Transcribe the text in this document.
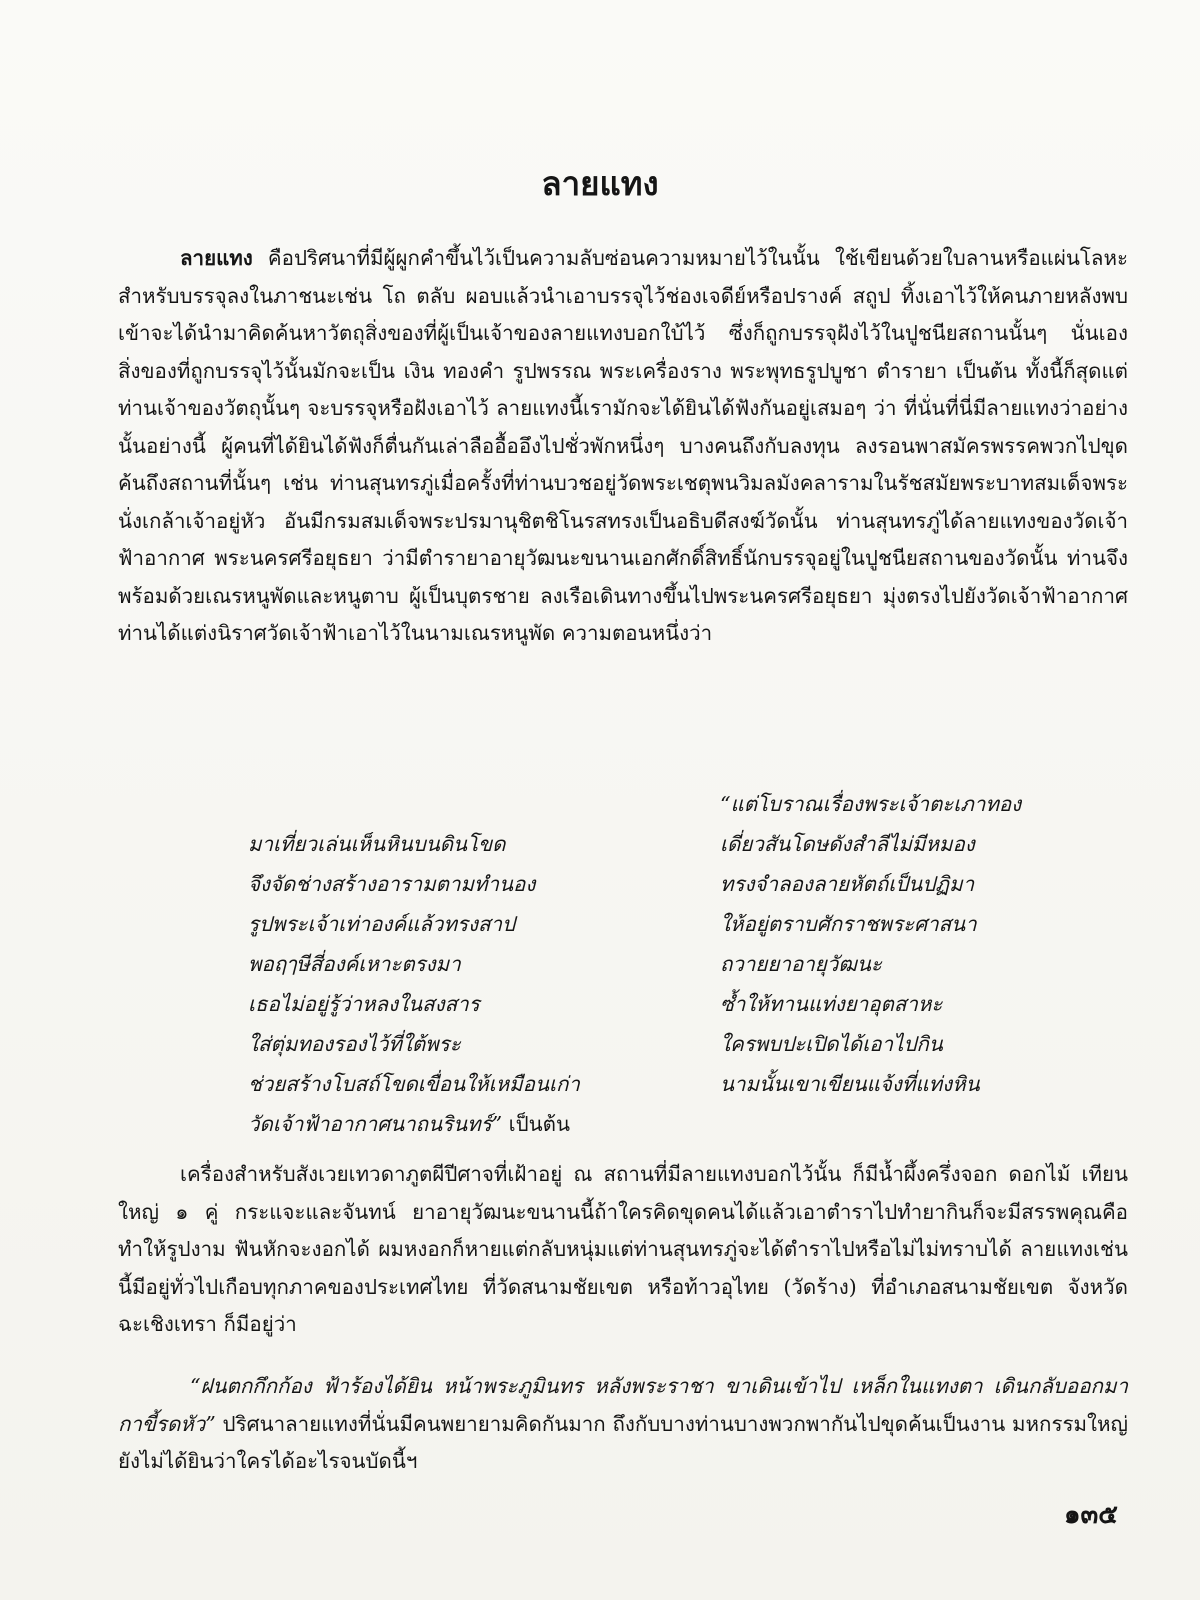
ลายแทง

ลายแทง คือปริศนาที่มีผู้ผูกคำขึ้นไว้เป็นความลับซ่อนความหมายไว้ในนั้น ใช้เขียนด้วยใบลานหรือแผ่นโลหะ สำหรับบรรจุลงในภาชนะเช่น โถ ตลับ ผอบแล้วนำเอาบรรจุไว้ช่องเจดีย์หรือปรางค์ สถูป ทิ้งเอาไว้ให้คนภายหลังพบเข้าจะได้นำมาคิดค้นหาวัตถุสิ่งของที่ผู้เป็นเจ้าของลายแทงบอกใบ้ไว้ ซึ่งก็ถูกบรรจุฝังไว้ในปูชนียสถานนั้นๆ นั่นเอง สิ่งของที่ถูกบรรจุไว้นั้นมักจะเป็น เงิน ทองคำ รูปพรรณ พระเครื่องราง พระพุทธรูปบูชา ตำรายา เป็นต้น ทั้งนี้ก็สุดแต่ท่านเจ้าของวัตถุนั้นๆ จะบรรจุหรือฝังเอาไว้ ลายแทงนี้เรามักจะได้ยินได้ฟังกันอยู่เสมอๆ ว่า ที่นั่นที่นี่มีลายแทงว่าอย่างนั้นอย่างนี้ ผู้คนที่ได้ยินได้ฟังก็ตื่นกันเล่าลืออื้ออึงไปชั่วพักหนึ่งๆ บางคนถึงกับลงทุน ลงรอนพาสมัครพรรคพวกไปขุดค้นถึงสถานที่นั้นๆ เช่น ท่านสุนทรภู่เมื่อครั้งที่ท่านบวชอยู่วัดพระเชตุพนวิมลมังคลารามในรัชสมัยพระบาทสมเด็จพระนั่งเกล้าเจ้าอยู่หัว อันมีกรมสมเด็จพระปรมานุชิตชิโนรสทรงเป็นอธิบดีสงฆ์วัดนั้น ท่านสุนทรภู่ได้ลายแทงของวัดเจ้าฟ้าอากาศ พระนครศรีอยุธยา ว่ามีตำรายาอายุวัฒนะขนานเอกศักดิ์สิทธิ์นักบรรจุอยู่ในปูชนียสถานของวัดนั้น ท่านจึงพร้อมด้วยเณรหนูพัดและหนูตาบ ผู้เป็นบุตรชาย ลงเรือเดินทางขึ้นไปพระนครศรีอยุธยา มุ่งตรงไปยังวัดเจ้าฟ้าอากาศ ท่านได้แต่งนิราศวัดเจ้าฟ้าเอาไว้ในนามเณรหนูพัด ความตอนหนึ่งว่า

“แต่โบราณเรื่องพระเจ้าตะเภาทอง

มาเที่ยวเล่นเห็นหินบนดินโขด	เดี่ยวสันโดษดังสำลีไม่มีหมอง

จึงจัดช่างสร้างอารามตามทำนอง	ทรงจำลองลายหัตถ์เป็นปฏิมา

รูปพระเจ้าเท่าองค์แล้วทรงสาป	ให้อยู่ตราบศักราชพระศาสนา

พอฤๅษีสี่องค์เหาะตรงมา	ถวายยาอายุวัฒนะ

เธอไม่อยู่รู้ว่าหลงในสงสาร	ซ้ำให้ทานแท่งยาอุตสาหะ

ใส่ตุ่มทองรองไว้ที่ใต้พระ	ใครพบปะเปิดได้เอาไปกิน

ช่วยสร้างโบสถ์โขดเขื่อนให้เหมือนเก่า	นามนั้นเขาเขียนแจ้งที่แท่งหิน

วัดเจ้าฟ้าอากาศนาถนรินทร์” เป็นต้น

เครื่องสำหรับสังเวยเทวดาภูตผีปีศาจที่เฝ้าอยู่ ณ สถานที่มีลายแทงบอกไว้นั้น ก็มีน้ำผึ้งครึ่งจอก ดอกไม้ เทียนใหญ่ ๑ คู่ กระแจะและจันทน์ ยาอายุวัฒนะขนานนี้ถ้าใครคิดขุดคนได้แล้วเอาตำราไปทำยากินก็จะมีสรรพคุณคือ ทำให้รูปงาม ฟันหักจะงอกได้ ผมหงอกก็หายแต่กลับหนุ่มแต่ท่านสุนทรภู่จะได้ตำราไปหรือไม่ไม่ทราบได้ ลายแทงเช่นนี้มีอยู่ทั่วไปเกือบทุกภาคของประเทศไทย ที่วัดสนามชัยเขต หรือท้าวอุไทย (วัดร้าง) ที่อำเภอสนามชัยเขต จังหวัดฉะเชิงเทรา ก็มีอยู่ว่า

“ฝนตกกึกก้อง ฟ้าร้องได้ยิน หน้าพระภูมินทร หลังพระราชา ขาเดินเข้าไป เหล็กในแทงตา เดินกลับออกมา กาขี้รดหัว” ปริศนาลายแทงที่นั่นมีคนพยายามคิดกันมาก ถึงกับบางท่านบางพวกพากันไปขุดค้นเป็นงาน มหกรรมใหญ่ ยังไม่ได้ยินว่าใครได้อะไรจนบัดนี้ฯ

๑๓๕
